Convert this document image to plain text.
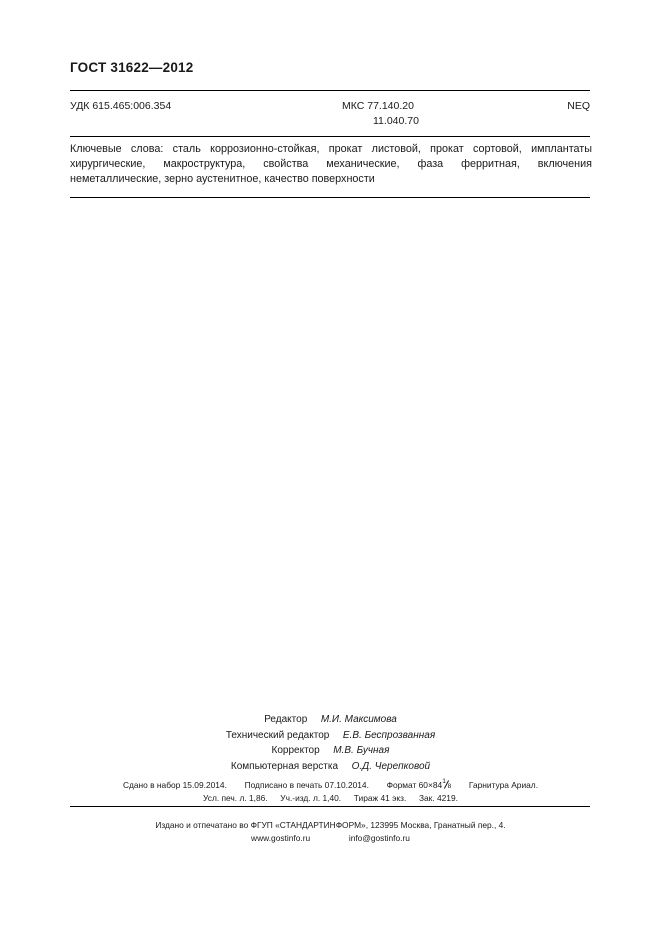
ГОСТ 31622—2012
УДК 615.465:006.354	МКС 77.140.20
11.040.70
NEQ
Ключевые слова: сталь коррозионно-стойкая, прокат листовой, прокат сортовой, имплантаты хирургические, макроструктура, свойства механические, фаза ферритная, включения неметаллические, зерно аустенитное, качество поверхности
Редактор М.И. Максимова
Технический редактор Е.В. Беспрозванная
Корректор М.В. Бучная
Компьютерная верстка О.Д. Черепковой
Сдано в набор 15.09.2014. Подписано в печать 07.10.2014. Формат 60×84 1
8 Гарнитура Ариал.
Усл. печ. л. 1,86. Уч.-изд. л. 1,40. Тираж 41 экз. Зак. 4219.
Издано и отпечатано во ФГУП «СТАНДАРТИНФОРМ», 123995 Москва, Гранатный пер., 4.
www.gostinfo.ru	info@gostinfo.ru
